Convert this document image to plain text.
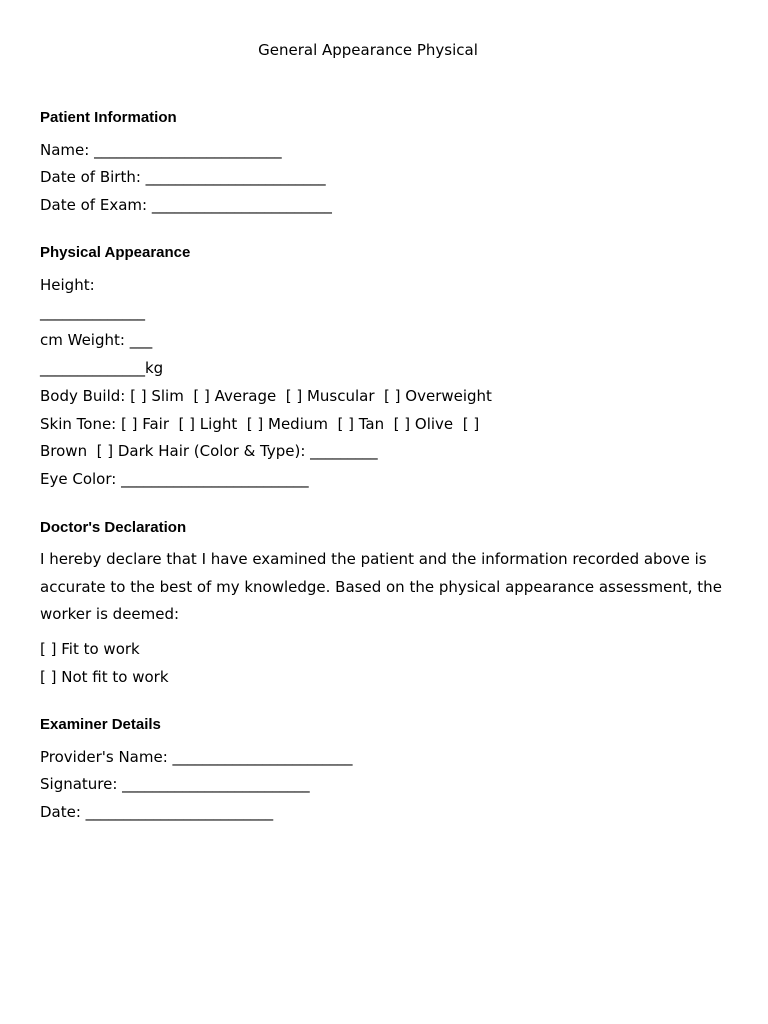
General Appearance Physical
Patient Information
Name: _________________________
Date of Birth: ________________________
Date of Exam: ________________________
Physical Appearance
Height:
______________
cm Weight: ___
______________kg
Body Build: [ ] Slim  [ ] Average  [ ] Muscular  [ ] Overweight
Skin Tone: [ ] Fair  [ ] Light  [ ] Medium  [ ] Tan  [ ] Olive  [ ]
Brown  [ ] Dark Hair (Color & Type): _________
Eye Color: _________________________
Doctor's Declaration
I hereby declare that I have examined the patient and the information recorded above is accurate to the best of my knowledge. Based on the physical appearance assessment, the worker is deemed:
[ ] Fit to work
[ ] Not fit to work
Examiner Details
Provider's Name: ________________________
Signature: _________________________
Date: _________________________
